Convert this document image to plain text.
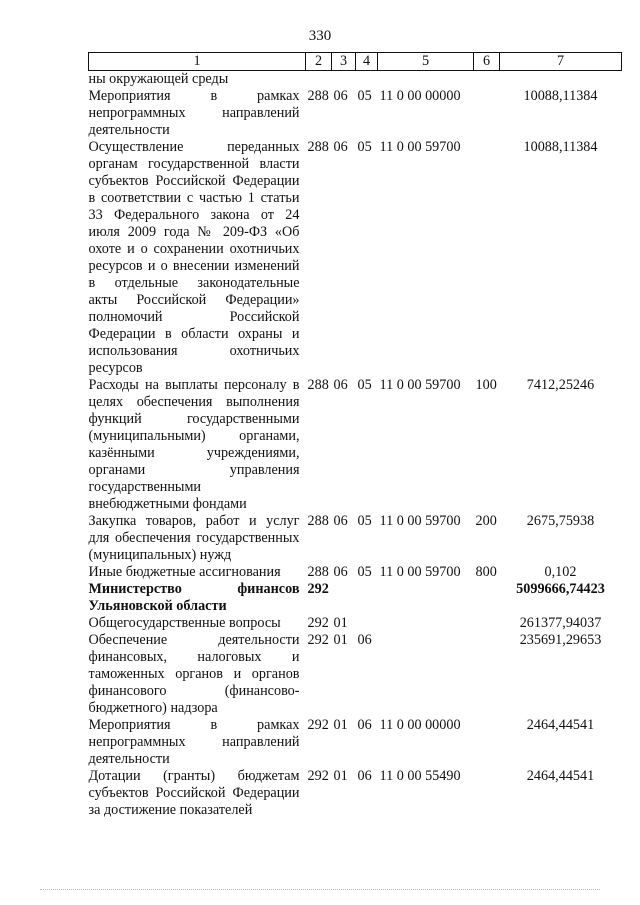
330
1	2	3	4	5	6	7
ны окружающей среды						
Мероприятия в рамках непрограммных направлений деятельности	288	06	05	11 0 00 00000		10088,11384
Осуществление переданных органам государственной власти субъектов Российской Федерации в соответствии с частью 1 статьи 33 Федерального закона от 24 июля 2009 года № 209-ФЗ «Об охоте и о сохранении охотничьих ресурсов и о внесении изменений в отдельные законодательные акты Российской Федерации» полномочий Российской Федерации в области охраны и использования охотничьих ресурсов	288	06	05	11 0 00 59700		10088,11384
Расходы на выплаты персоналу в целях обеспечения выполнения функций государственными (муниципальными) органами, казёнными учреждениями, органами управления государственными внебюджетными фондами	288	06	05	11 0 00 59700	100	7412,25246
Закупка товаров, работ и услуг для обеспечения государственных (муниципальных) нужд	288	06	05	11 0 00 59700	200	2675,75938
Иные бюджетные ассигнования	288	06	05	11 0 00 59700	800	0,102
Министерство финансов Ульяновской области	292					5099666,74423
Общегосударственные вопросы	292	01				261377,94037
Обеспечение деятельности финансовых, налоговых и таможенных органов и органов финансового (финансово-бюджетного) надзора	292	01	06			235691,29653
Мероприятия в рамках непрограммных направлений деятельности	292	01	06	11 0 00 00000		2464,44541
Дотации (гранты) бюджетам субъектов Российской Федерации за достижение показателей	292	01	06	11 0 00 55490		2464,44541
